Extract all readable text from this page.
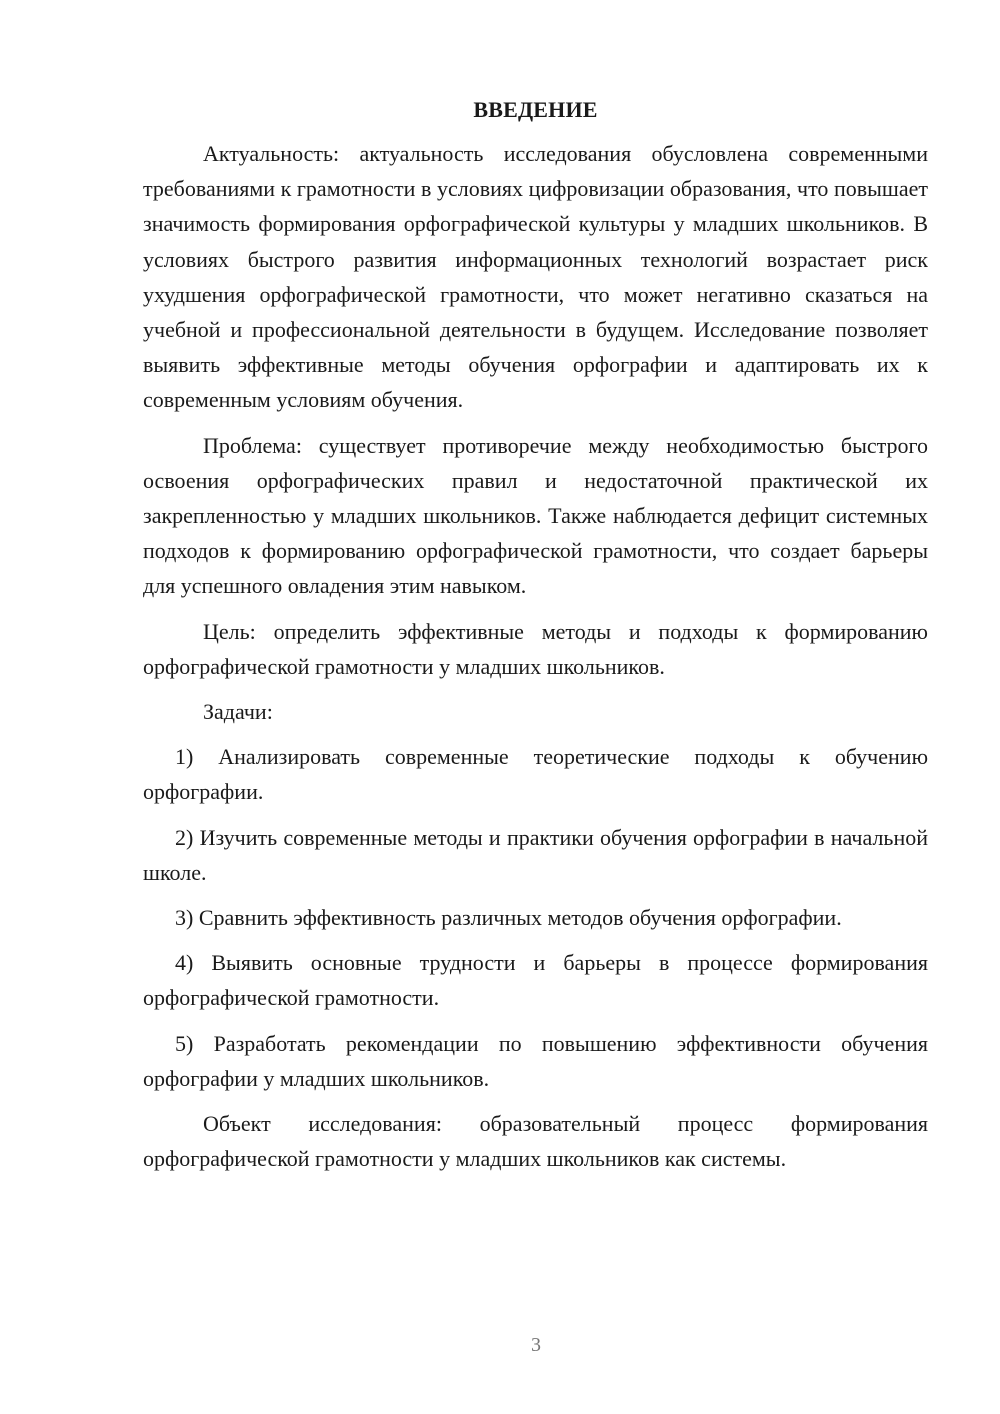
ВВЕДЕНИЕ

Актуальность: актуальность исследования обусловлена современными требованиями к грамотности в условиях цифровизации образования, что повышает значимость формирования орфографической культуры у младших школьников. В условиях быстрого развития информационных технологий возрастает риск ухудшения орфографической грамотности, что может негативно сказаться на учебной и профессиональной деятельности в будущем. Исследование позволяет выявить эффективные методы обучения орфографии и адаптировать их к современным условиям обучения.

Проблема: существует противоречие между необходимостью быстрого освоения орфографических правил и недостаточной практической их закрепленностью у младших школьников. Также наблюдается дефицит системных подходов к формированию орфографической грамотности, что создает барьеры для успешного овладения этим навыком.

Цель: определить эффективные методы и подходы к формированию орфографической грамотности у младших школьников.

Задачи:

1) Анализировать современные теоретические подходы к обучению орфографии.

2) Изучить современные методы и практики обучения орфографии в начальной школе.

3) Сравнить эффективность различных методов обучения орфографии.

4) Выявить основные трудности и барьеры в процессе формирования орфографической грамотности.

5) Разработать рекомендации по повышению эффективности обучения орфографии у младших школьников.

Объект исследования: образовательный процесс формирования орфографической грамотности у младших школьников как системы.

3
